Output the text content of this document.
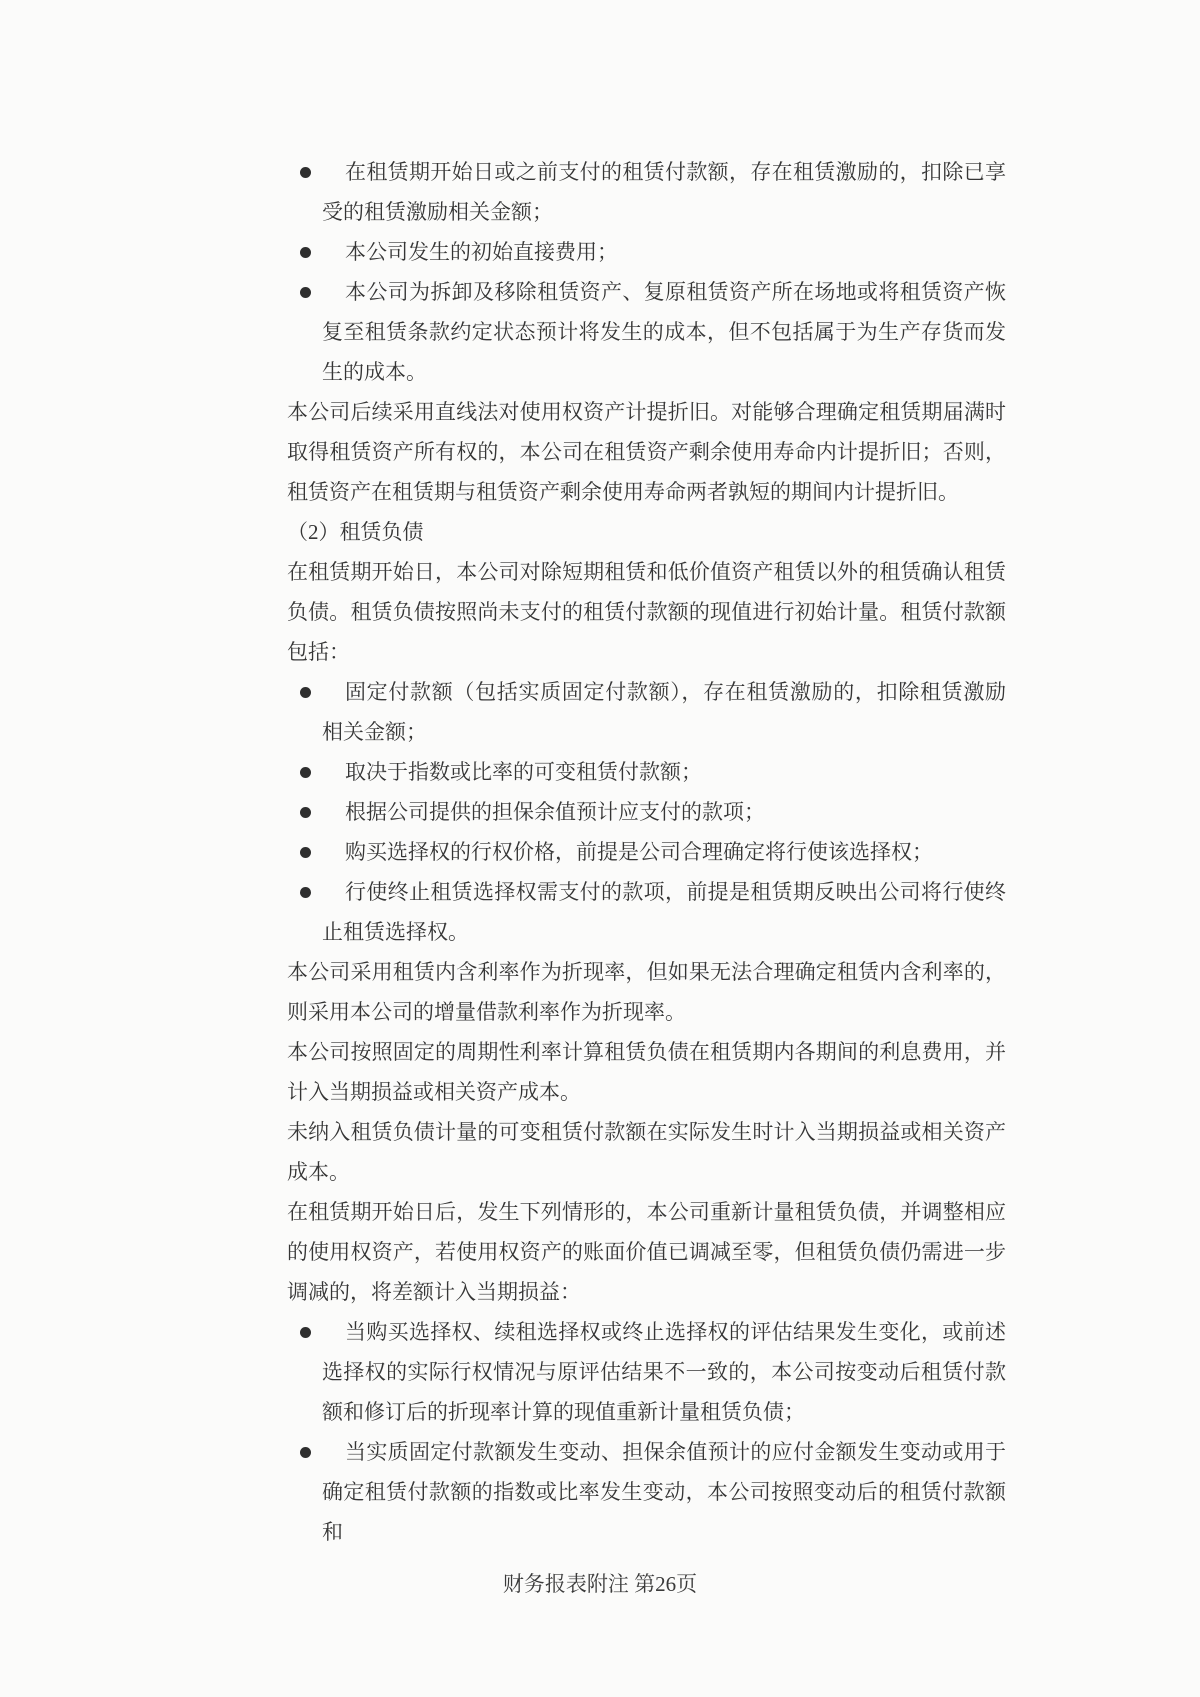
在租赁期开始日或之前支付的租赁付款额，存在租赁激励的，扣除已享受的租赁激励相关金额；
本公司发生的初始直接费用；
本公司为拆卸及移除租赁资产、复原租赁资产所在场地或将租赁资产恢复至租赁条款约定状态预计将发生的成本，但不包括属于为生产存货而发生的成本。
本公司后续采用直线法对使用权资产计提折旧。对能够合理确定租赁期届满时取得租赁资产所有权的，本公司在租赁资产剩余使用寿命内计提折旧；否则，租赁资产在租赁期与租赁资产剩余使用寿命两者孰短的期间内计提折旧。
（2）租赁负债
在租赁期开始日，本公司对除短期租赁和低价值资产租赁以外的租赁确认租赁负债。租赁负债按照尚未支付的租赁付款额的现值进行初始计量。租赁付款额包括：
固定付款额（包括实质固定付款额），存在租赁激励的，扣除租赁激励相关金额；
取决于指数或比率的可变租赁付款额；
根据公司提供的担保余值预计应支付的款项；
购买选择权的行权价格，前提是公司合理确定将行使该选择权；
行使终止租赁选择权需支付的款项，前提是租赁期反映出公司将行使终止租赁选择权。
本公司采用租赁内含利率作为折现率，但如果无法合理确定租赁内含利率的，则采用本公司的增量借款利率作为折现率。
本公司按照固定的周期性利率计算租赁负债在租赁期内各期间的利息费用，并计入当期损益或相关资产成本。
未纳入租赁负债计量的可变租赁付款额在实际发生时计入当期损益或相关资产成本。
在租赁期开始日后，发生下列情形的，本公司重新计量租赁负债，并调整相应的使用权资产，若使用权资产的账面价值已调减至零，但租赁负债仍需进一步调减的，将差额计入当期损益：
当购买选择权、续租选择权或终止选择权的评估结果发生变化，或前述选择权的实际行权情况与原评估结果不一致的，本公司按变动后租赁付款额和修订后的折现率计算的现值重新计量租赁负债；
当实质固定付款额发生变动、担保余值预计的应付金额发生变动或用于确定租赁付款额的指数或比率发生变动，本公司按照变动后的租赁付款额和
财务报表附注 第26页
